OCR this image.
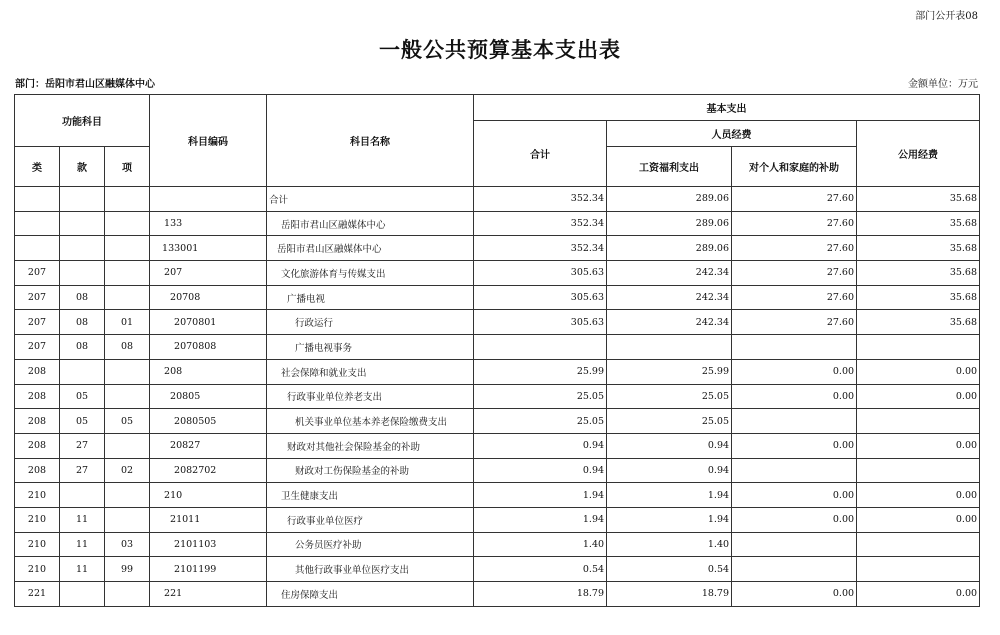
部门公开表08
一般公共预算基本支出表
部门：岳阳市君山区融媒体中心	金额单位：万元
功能科目			科目编码	科目名称	基本支出			
					合计	人员经费		公用经费
类	款	项				工资福利支出	对个人和家庭的补助	
				合计	352.34	289.06	27.60	35.68
			133	岳阳市君山区融媒体中心	352.34	289.06	27.60	35.68
			133001	岳阳市君山区融媒体中心	352.34	289.06	27.60	35.68
207			207	文化旅游体育与传媒支出	305.63	242.34	27.60	35.68
207	08		20708	广播电视	305.63	242.34	27.60	35.68
207	08	01	2070801	行政运行	305.63	242.34	27.60	35.68
207	08	08	2070808	广播电视事务				
208			208	社会保障和就业支出	25.99	25.99	0.00	0.00
208	05		20805	行政事业单位养老支出	25.05	25.05	0.00	0.00
208	05	05	2080505	机关事业单位基本养老保险缴费支出	25.05	25.05		
208	27		20827	财政对其他社会保险基金的补助	0.94	0.94	0.00	0.00
208	27	02	2082702	财政对工伤保险基金的补助	0.94	0.94		
210			210	卫生健康支出	1.94	1.94	0.00	0.00
210	11		21011	行政事业单位医疗	1.94	1.94	0.00	0.00
210	11	03	2101103	公务员医疗补助	1.40	1.40		
210	11	99	2101199	其他行政事业单位医疗支出	0.54	0.54		
221			221	住房保障支出	18.79	18.79	0.00	0.00
